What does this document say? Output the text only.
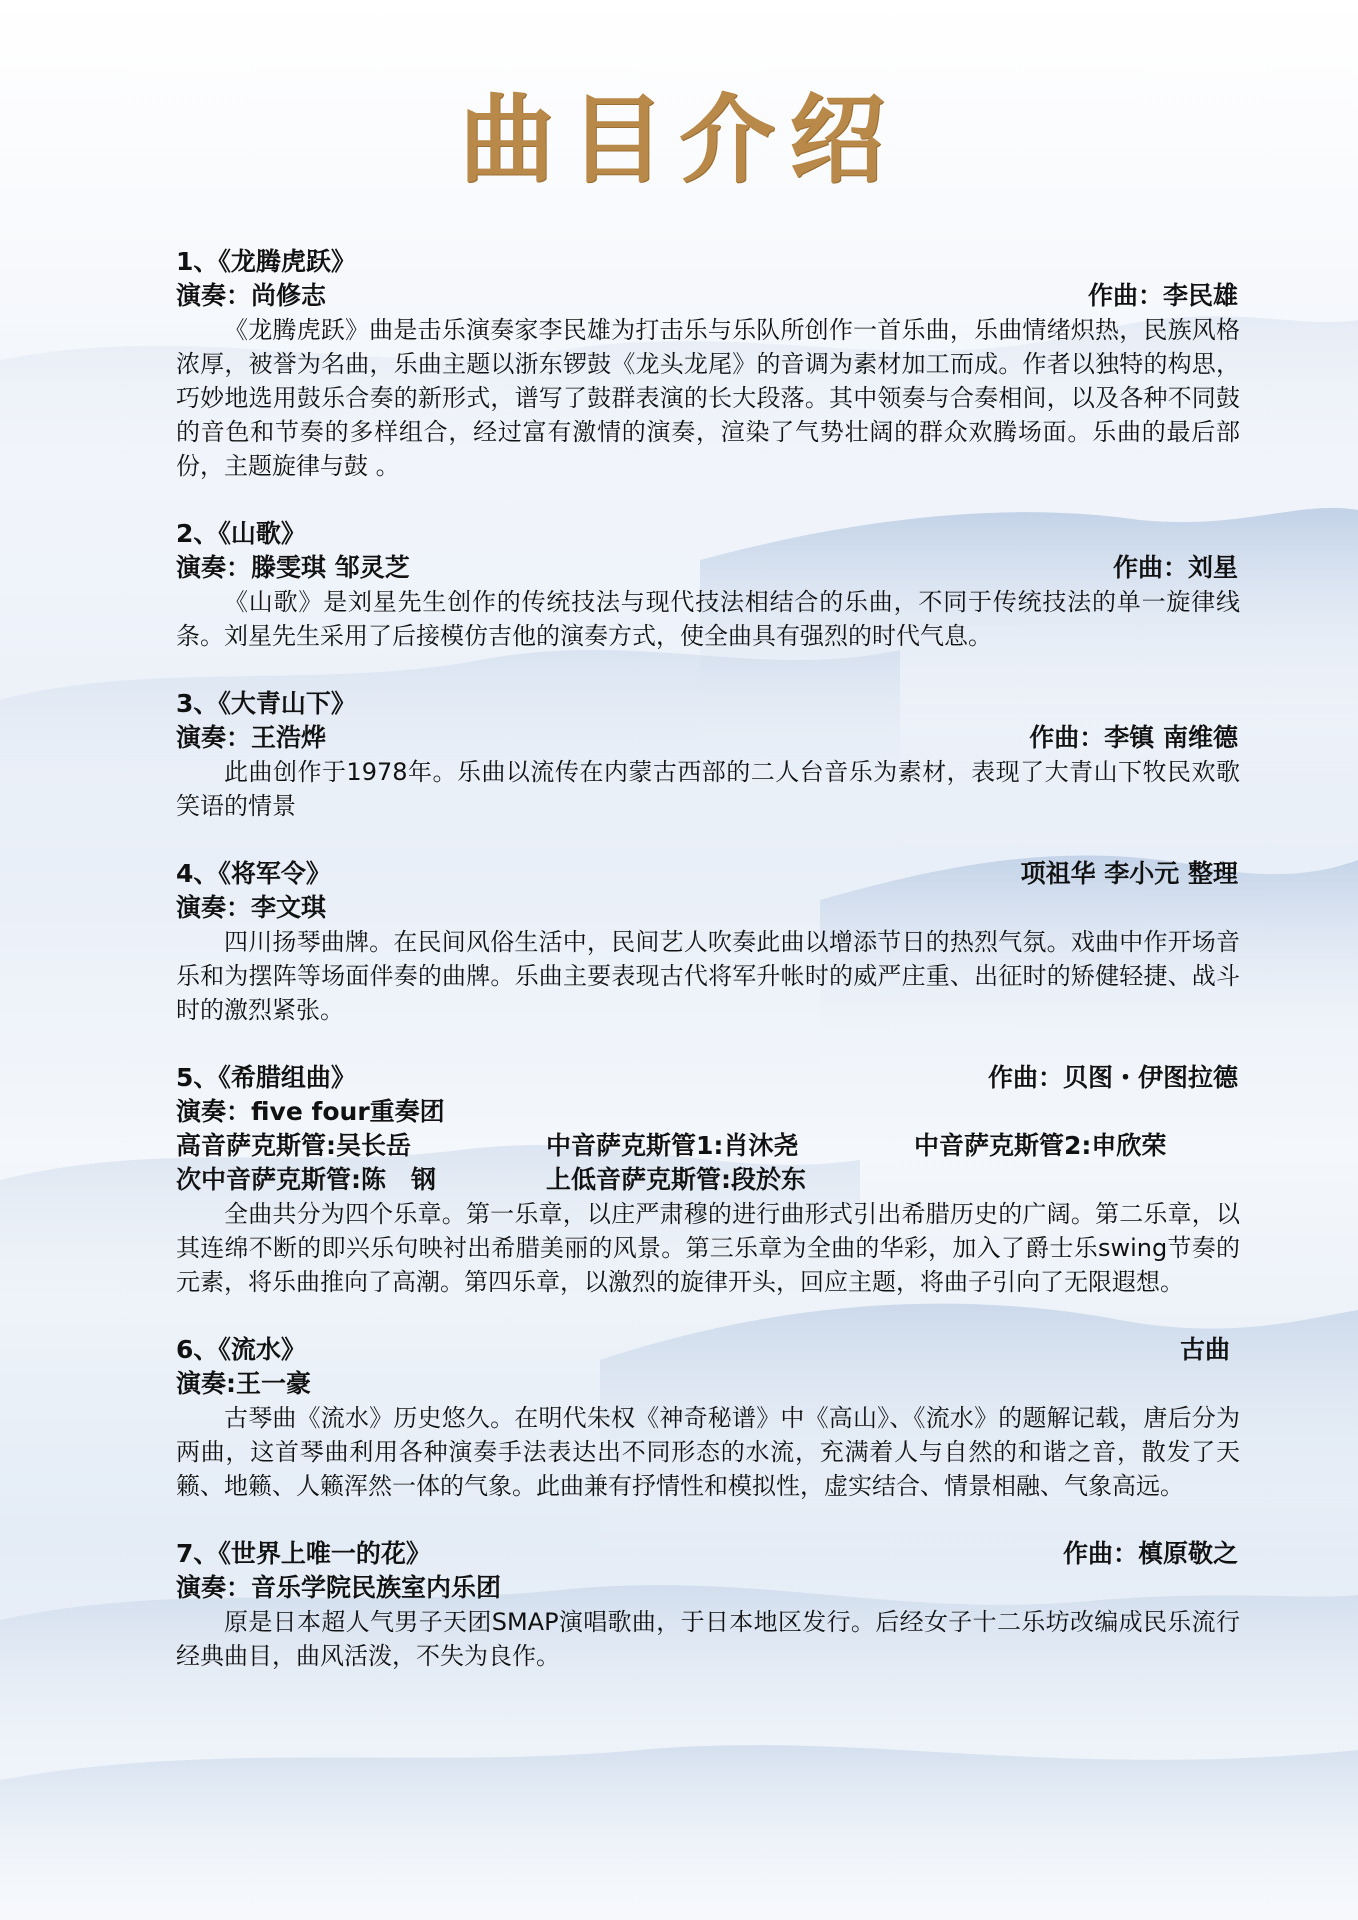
曲目介绍
1、《龙腾虎跃》
演奏：尚修志	作曲：李民雄

《龙腾虎跃》曲是击乐演奏家李民雄为打击乐与乐队所创作一首乐曲，乐曲情绪炽热，民族风格浓厚，被誉为名曲，乐曲主题以浙东锣鼓《龙头龙尾》的音调为素材加工而成。作者以独特的构思，巧妙地选用鼓乐合奏的新形式，谱写了鼓群表演的长大段落。其中领奏与合奏相间，以及各种不同鼓的音色和节奏的多样组合，经过富有激情的演奏，渲染了气势壮阔的群众欢腾场面。乐曲的最后部份，主题旋律与鼓 。

2、《山歌》
演奏：滕雯琪 邹灵芝	作曲：刘星

《山歌》是刘星先生创作的传统技法与现代技法相结合的乐曲，不同于传统技法的单一旋律线条。刘星先生采用了后接模仿吉他的演奏方式，使全曲具有强烈的时代气息。

3、《大青山下》
演奏：王浩烨	作曲：李镇 南维德

此曲创作于1978年。乐曲以流传在内蒙古西部的二人台音乐为素材，表现了大青山下牧民欢歌笑语的情景

4、《将军令》	项祖华 李小元 整理
演奏：李文琪

四川扬琴曲牌。在民间风俗生活中，民间艺人吹奏此曲以增添节日的热烈气氛。戏曲中作开场音乐和为摆阵等场面伴奏的曲牌。乐曲主要表现古代将军升帐时的威严庄重、出征时的矫健轻捷、战斗时的激烈紧张。

5、《希腊组曲》	作曲：贝图・伊图拉德
演奏：five four重奏团
高音萨克斯管:吴长岳	中音萨克斯管1:肖沐尧	中音萨克斯管2:申欣荣
次中音萨克斯管:陈　钢	上低音萨克斯管:段於东

全曲共分为四个乐章。第一乐章，以庄严肃穆的进行曲形式引出希腊历史的广阔。第二乐章，以其连绵不断的即兴乐句映衬出希腊美丽的风景。第三乐章为全曲的华彩，加入了爵士乐swing节奏的元素，将乐曲推向了高潮。第四乐章，以激烈的旋律开头，回应主题，将曲子引向了无限遐想。

6、《流水》	古曲
演奏:王一豪

古琴曲《流水》历史悠久。在明代朱权《神奇秘谱》中《高山》、《流水》的题解记载，唐后分为两曲，这首琴曲利用各种演奏手法表达出不同形态的水流，充满着人与自然的和谐之音，散发了天籁、地籁、人籁浑然一体的气象。此曲兼有抒情性和模拟性，虚实结合、情景相融、气象高远。

7、《世界上唯一的花》	作曲：槙原敬之
演奏：音乐学院民族室内乐团

原是日本超人气男子天团SMAP演唱歌曲，于日本地区发行。后经女子十二乐坊改编成民乐流行经典曲目，曲风活泼，不失为良作。
